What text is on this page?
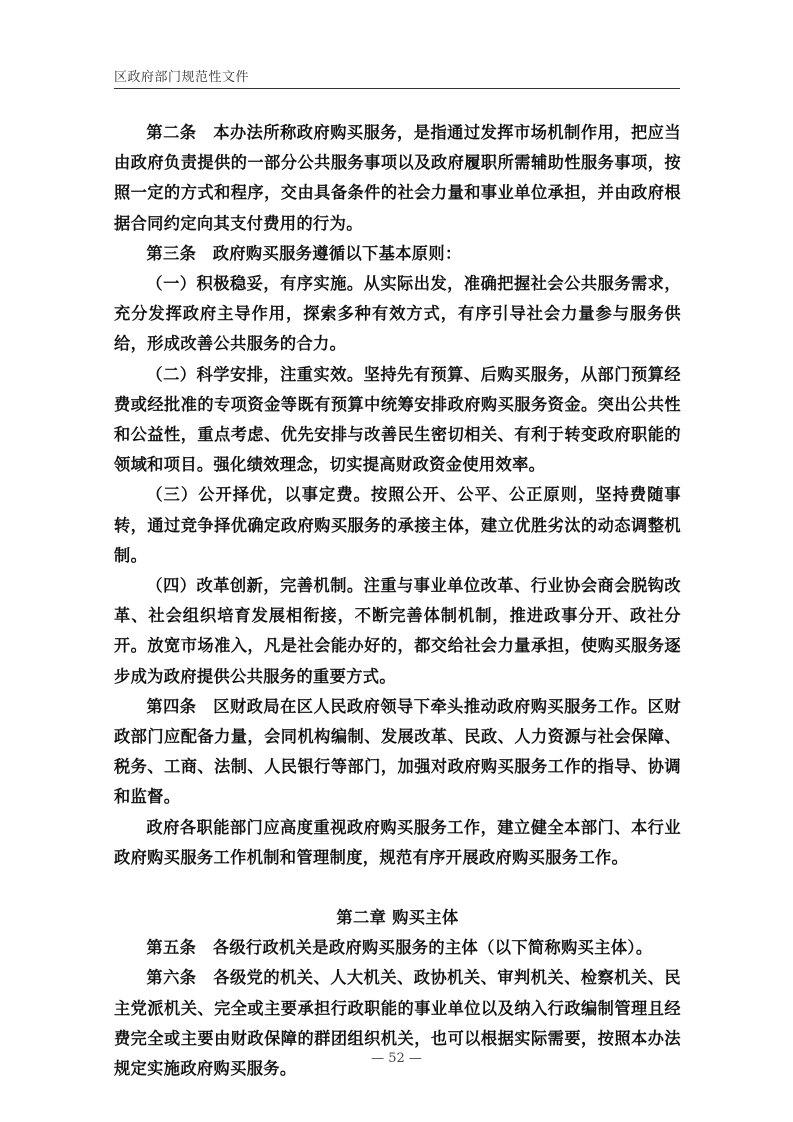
区政府部门规范性文件

第二条　本办法所称政府购买服务，是指通过发挥市场机制作用，把应当由政府负责提供的一部分公共服务事项以及政府履职所需辅助性服务事项，按照一定的方式和程序，交由具备条件的社会力量和事业单位承担，并由政府根据合同约定向其支付费用的行为。

第三条　政府购买服务遵循以下基本原则：

（一）积极稳妥，有序实施。从实际出发，准确把握社会公共服务需求，充分发挥政府主导作用，探索多种有效方式，有序引导社会力量参与服务供给，形成改善公共服务的合力。

（二）科学安排，注重实效。坚持先有预算、后购买服务，从部门预算经费或经批准的专项资金等既有预算中统筹安排政府购买服务资金。突出公共性和公益性，重点考虑、优先安排与改善民生密切相关、有利于转变政府职能的领域和项目。强化绩效理念，切实提高财政资金使用效率。

（三）公开择优，以事定费。按照公开、公平、公正原则，坚持费随事转，通过竞争择优确定政府购买服务的承接主体，建立优胜劣汰的动态调整机制。

（四）改革创新，完善机制。注重与事业单位改革、行业协会商会脱钩改革、社会组织培育发展相衔接，不断完善体制机制，推进政事分开、政社分开。放宽市场准入，凡是社会能办好的，都交给社会力量承担，使购买服务逐步成为政府提供公共服务的重要方式。

第四条　区财政局在区人民政府领导下牵头推动政府购买服务工作。区财政部门应配备力量，会同机构编制、发展改革、民政、人力资源与社会保障、税务、工商、法制、人民银行等部门，加强对政府购买服务工作的指导、协调和监督。

政府各职能部门应高度重视政府购买服务工作，建立健全本部门、本行业政府购买服务工作机制和管理制度，规范有序开展政府购买服务工作。

第二章 购买主体

第五条　各级行政机关是政府购买服务的主体（以下简称购买主体）。

第六条　各级党的机关、人大机关、政协机关、审判机关、检察机关、民主党派机关、完全或主要承担行政职能的事业单位以及纳入行政编制管理且经费完全或主要由财政保障的群团组织机关，也可以根据实际需要，按照本办法规定实施政府购买服务。

— 52 —
